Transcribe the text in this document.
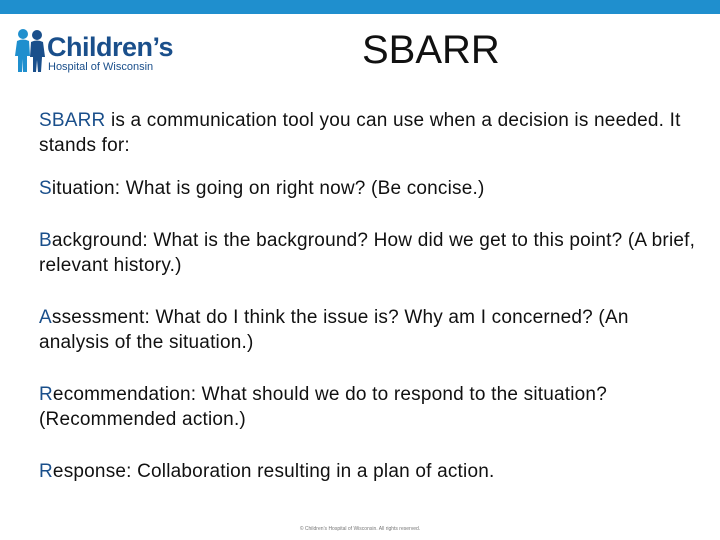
Children’s
Hospital of Wisconsin	SBARR

SBARR is a communication tool you can use when a decision is needed. It stands for:

Situation: What is going on right now? (Be concise.)

Background: What is the background? How did we get to this point? (A brief, relevant history.)

Assessment: What do I think the issue is? Why am I concerned? (An analysis of the situation.)

Recommendation: What should we do to respond to the situation? (Recommended action.)

Response: Collaboration resulting in a plan of action.

© Children’s Hospital of Wisconsin. All rights reserved.
